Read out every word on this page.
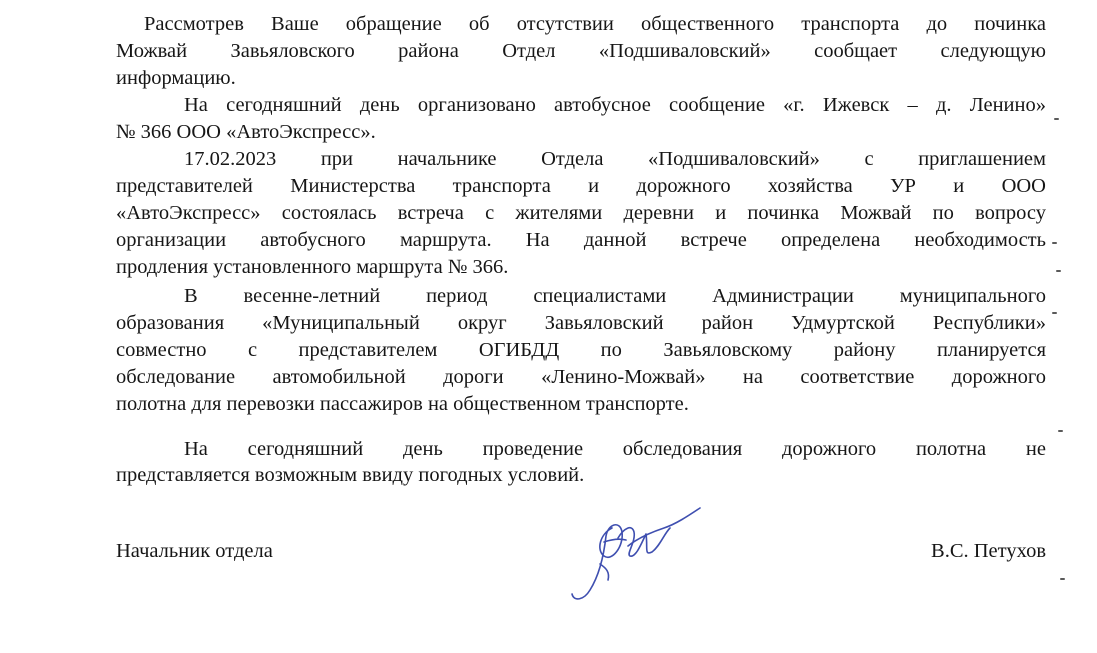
Рассмотрев Ваше обращение об отсутствии общественного транспорта до починка
Можвай Завьяловского района Отдел «Подшиваловский» сообщает следующую
информацию.
На сегодняшний день организовано автобусное сообщение «г. Ижевск – д. Ленино»
№ 366 ООО «АвтоЭкспресс».
17.02.2023 при начальнике Отдела «Подшиваловский» с приглашением
представителей Министерства транспорта и дорожного хозяйства УР и ООО
«АвтоЭкспресс» состоялась встреча с жителями деревни и починка Можвай по вопросу
организации автобусного маршрута. На данной встрече определена необходимость
продления установленного маршрута № 366.
В весенне-летний период специалистами Администрации муниципального
образования «Муниципальный округ Завьяловский район Удмуртской Республики»
совместно с представителем ОГИБДД по Завьяловскому району планируется
обследование автомобильной дороги «Ленино-Можвай» на соответствие дорожного
полотна для перевозки пассажиров на общественном транспорте.
На сегодняшний день проведение обследования дорожного полотна не
представляется возможным ввиду погодных условий.
Начальник отдела	В.С. Петухов
